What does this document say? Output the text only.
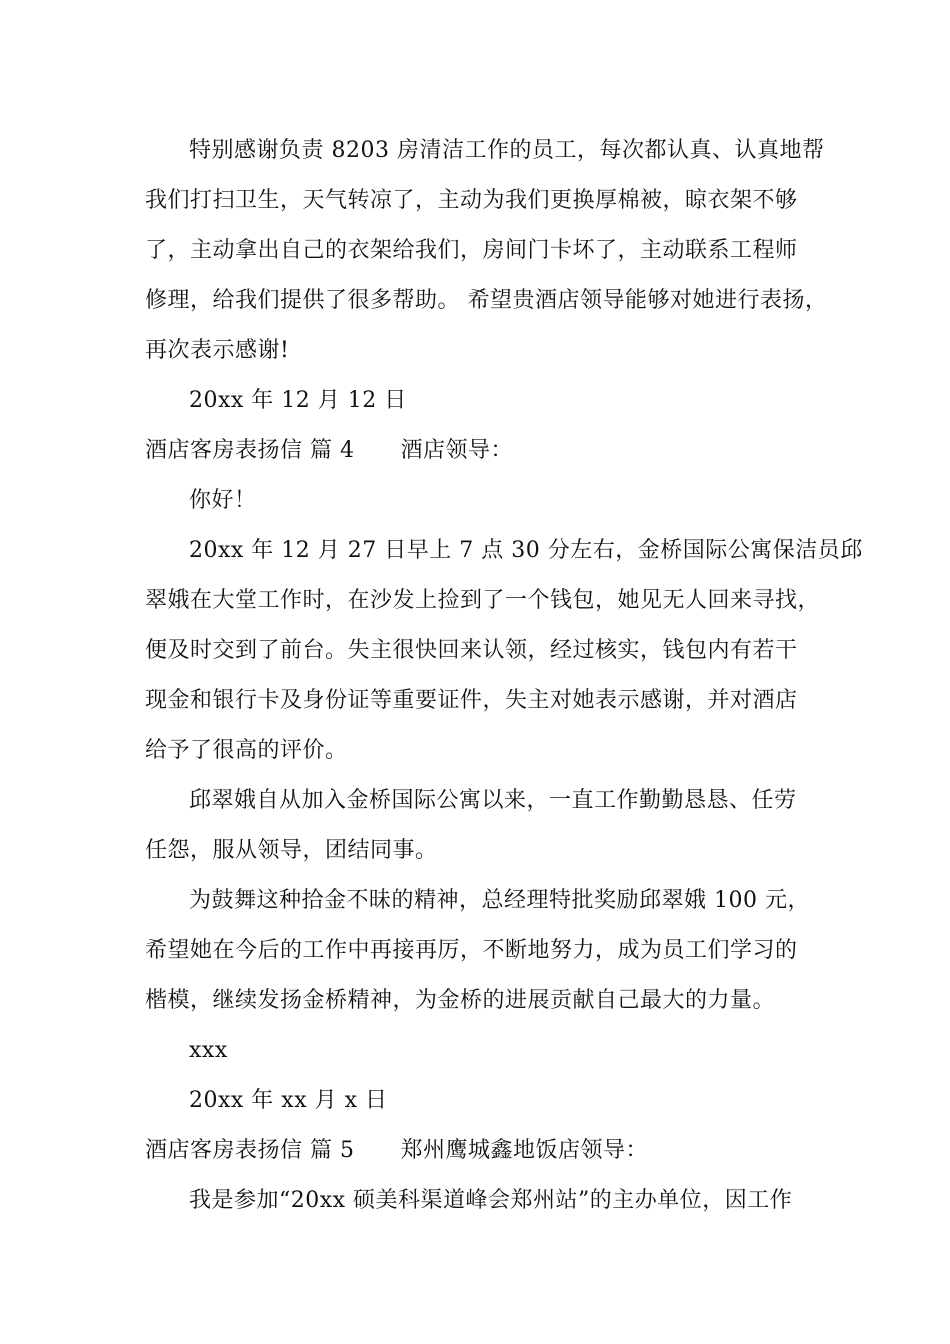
特别感谢负责 8203 房清洁工作的员工，每次都认真、认真地帮
我们打扫卫生，天气转凉了，主动为我们更换厚棉被，晾衣架不够
了，主动拿出自己的衣架给我们，房间门卡坏了，主动联系工程师
修理，给我们提供了很多帮助。 希望贵酒店领导能够对她进行表扬，
再次表示感谢!
20xx 年 12 月 12 日
酒店客房表扬信 篇 4 酒店领导：
你好！
20xx 年 12 月 27 日早上 7 点 30 分左右，金桥国际公寓保洁员邱
翠娥在大堂工作时，在沙发上捡到了一个钱包，她见无人回来寻找，
便及时交到了前台。失主很快回来认领，经过核实，钱包内有若干
现金和银行卡及身份证等重要证件，失主对她表示感谢，并对酒店
给予了很高的评价。
邱翠娥自从加入金桥国际公寓以来，一直工作勤勤恳恳、任劳
任怨，服从领导，团结同事。
为鼓舞这种拾金不昧的精神，总经理特批奖励邱翠娥 100 元，
希望她在今后的工作中再接再厉，不断地努力，成为员工们学习的
楷模，继续发扬金桥精神，为金桥的进展贡献自己最大的力量。
xxx
20xx 年 xx 月 x 日
酒店客房表扬信 篇 5 郑州鹰城鑫地饭店领导：
我是参加“20xx 硕美科渠道峰会郑州站”的主办单位，因工作
